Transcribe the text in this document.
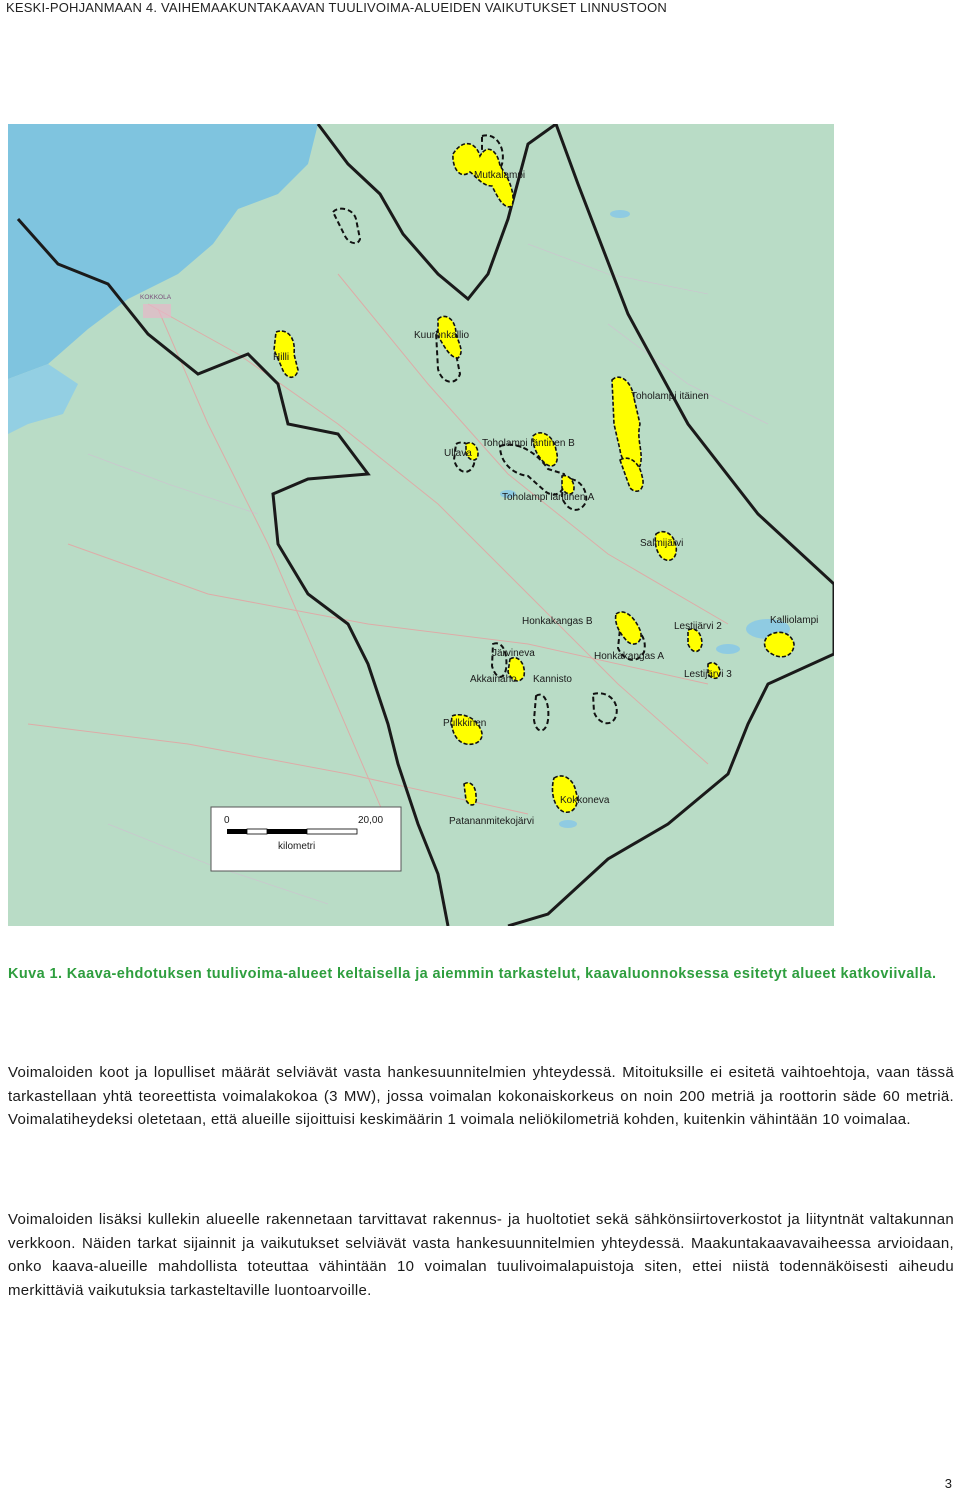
KESKI-POHJANMAAN 4. VAIHEMAAKUNTAKAAVAN TUULIVOIMA-ALUEIDEN VAIKUTUKSET LINNUSTOON
KOKKOLA
Mutkalampi
Kuuronkallio
Hilli
Toholampi itäinen
Toholampi läntinen B
Ullava
Toholampi läntinen A
Salmijärvi
Honkakangas B	Lestijärvi 2
Kalliolampi
Järvineva	Honkakangas A
Lestijärvi 3
Akkainaho Kannisto
Pulkkinen
Kokkoneva
Patananmitekojärvi
0	20,00
kilometri
Kuva 1. Kaava-ehdotuksen tuulivoima-alueet keltaisella ja aiemmin tarkastelut, kaavaluonnoksessa esitetyt alueet katkoviivalla.
Voimaloiden koot ja lopulliset määrät selviävät vasta hankesuunnitelmien yhteydessä. Mitoituksille ei esitetä vaihtoehtoja, vaan tässä tarkastellaan yhtä teoreettista voimalakokoa (3 MW), jossa voimalan kokonaiskorkeus on noin 200 metriä ja roottorin säde 60 metriä. Voimalatiheydeksi oletetaan, että alueille sijoittuisi keskimäärin 1 voimala neliökilometriä kohden, kuitenkin vähintään 10 voimalaa.
Voimaloiden lisäksi kullekin alueelle rakennetaan tarvittavat rakennus- ja huoltotiet sekä sähkönsiirtoverkostot ja liityntnät valtakunnan verkkoon. Näiden tarkat sijainnit ja vaikutukset selviävät vasta hankesuunnitelmien yhteydessä. Maakuntakaavavaiheessa arvioidaan, onko kaava-alueille mahdollista toteuttaa vähintään 10 voimalan tuulivoimalapuistoja siten, ettei niistä todennäköisesti aiheudu merkittäviä vaikutuksia tarkasteltaville luontoarvoille.
3
